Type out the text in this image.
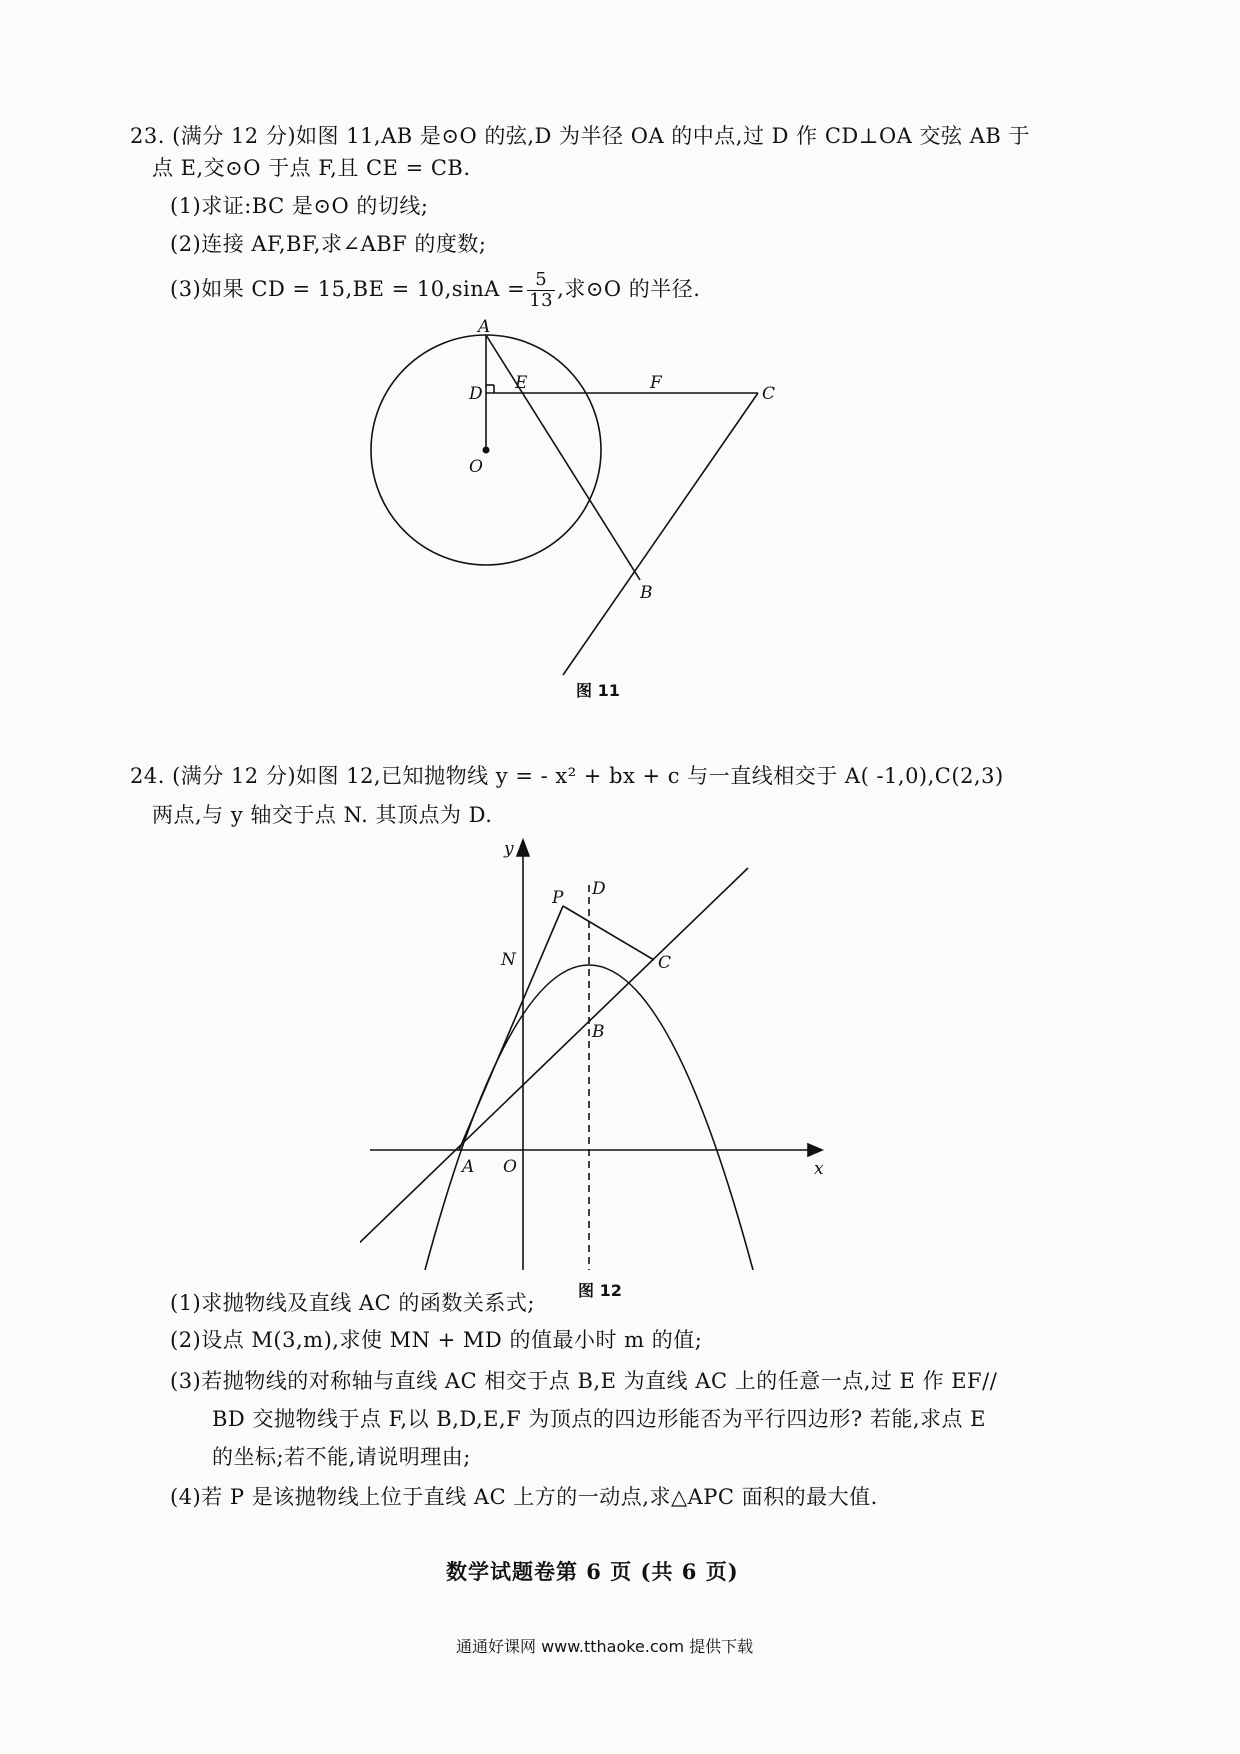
23. (满分 12 分)如图 11,AB 是⊙O 的弦,D 为半径 OA 的中点,过 D 作 CD⊥OA 交弦 AB 于
点 E,交⊙O 于点 F,且 CE = CB.
(1)求证:BC 是⊙O 的切线;
(2)连接 AF,BF,求∠ABF 的度数;
(3)如果 CD = $15,BE = 10,\sin A = \frac{5}{13}$ ,求⊙O 的半径.
A
D
E	F
C
O
B
图 11
24. (满分 12 分)如图 12,已知抛物线 y = - x² + bx + c 与一直线相交于 A( -1,0),C(2,3)
两点,与 y 轴交于点 N. 其顶点为 D.
y
x
P D
N	C
B
A O
图 12
(1)求抛物线及直线 AC 的函数关系式;
(2)设点 M(3,m),求使 MN + MD 的值最小时 m 的值;
(3)若抛物线的对称轴与直线 AC 相交于点 B,E 为直线 AC 上的任意一点,过 E 作 EF//
BD 交抛物线于点 F,以 B,D,E,F 为顶点的四边形能否为平行四边形? 若能,求点 E
的坐标;若不能,请说明理由;
(4)若 P 是该抛物线上位于直线 AC 上方的一动点,求△APC 面积的最大值.
数学试题卷第 6 页 (共 6 页)
通通好课网 www.tthaoke.com 提供下载
